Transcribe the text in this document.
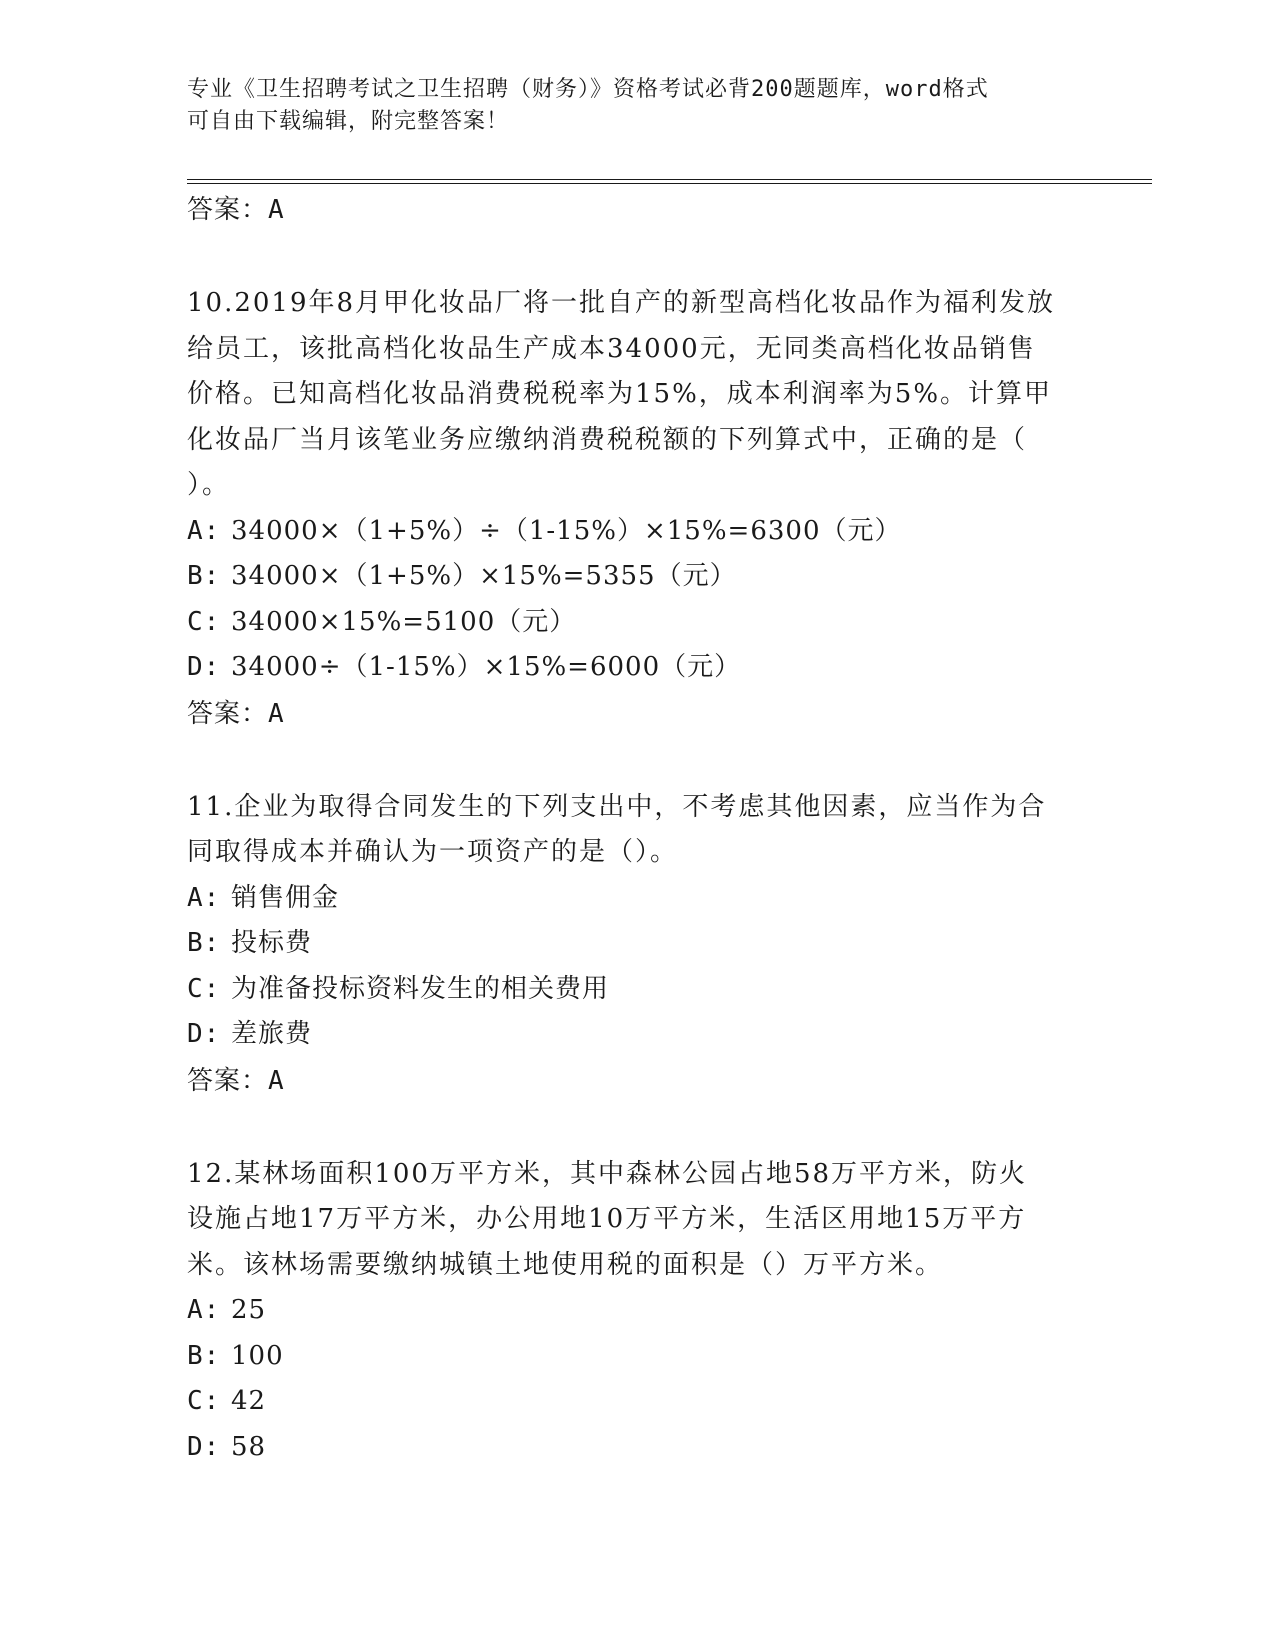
专业《卫生招聘考试之卫生招聘（财务）》资格考试必背200题题库，word格式
可自由下载编辑，附完整答案！
答案：A
10.2019年8月甲化妆品厂将一批自产的新型高档化妆品作为福利发放
给员工，该批高档化妆品生产成本34000元，无同类高档化妆品销售
价格。已知高档化妆品消费税税率为15%，成本利润率为5%。计算甲
化妆品厂当月该笔业务应缴纳消费税税额的下列算式中，正确的是（
）。
A: 34000×（1+5%）÷（1-15%）×15%=6300（元）
B: 34000×（1+5%）×15%=5355（元）
C: 34000×15%=5100（元）
D: 34000÷（1-15%）×15%=6000（元）
答案：A
11.企业为取得合同发生的下列支出中，不考虑其他因素，应当作为合
同取得成本并确认为一项资产的是（）。
A: 销售佣金
B: 投标费
C: 为准备投标资料发生的相关费用
D: 差旅费
答案：A
12.某林场面积100万平方米，其中森林公园占地58万平方米，防火
设施占地17万平方米，办公用地10万平方米，生活区用地15万平方
米。该林场需要缴纳城镇土地使用税的面积是（）万平方米。
A: 25
B: 100
C: 42
D: 58
